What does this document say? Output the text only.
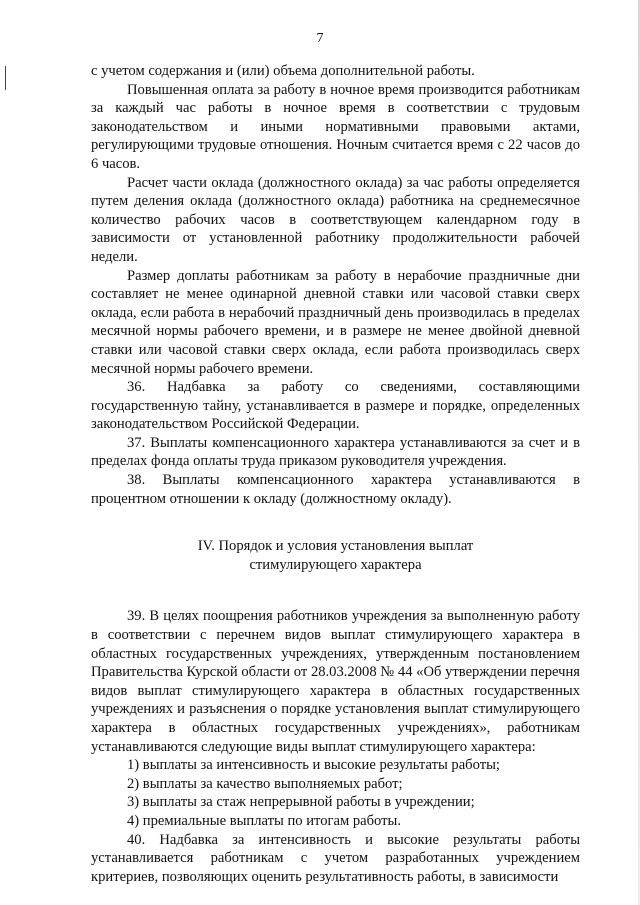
7

с учетом содержания и (или) объема дополнительной работы.

Повышенная оплата за работу в ночное время производится работникам за каждый час работы в ночное время в соответствии с трудовым законодательством и иными нормативными правовыми актами, регулирующими трудовые отношения. Ночным считается время с 22 часов до 6 часов.

Расчет части оклада (должностного оклада) за час работы определяется путем деления оклада (должностного оклада) работника на среднемесячное количество рабочих часов в соответствующем календарном году в зависимости от установленной работнику продолжительности рабочей недели.

Размер доплаты работникам за работу в нерабочие праздничные дни составляет не менее одинарной дневной ставки или часовой ставки сверх оклада, если работа в нерабочий праздничный день производилась в пределах месячной нормы рабочего времени, и в размере не менее двойной дневной ставки или часовой ставки сверх оклада, если работа производилась сверх месячной нормы рабочего времени.

36. Надбавка за работу со сведениями, составляющими государственную тайну, устанавливается в размере и порядке, определенных законодательством Российской Федерации.

37. Выплаты компенсационного характера устанавливаются за счет и в пределах фонда оплаты труда приказом руководителя учреждения.

38. Выплаты компенсационного характера устанавливаются в процентном отношении к окладу (должностному окладу).

IV. Порядок и условия установления выплат
стимулирующего характера

39. В целях поощрения работников учреждения за выполненную работу в соответствии с перечнем видов выплат стимулирующего характера в областных государственных учреждениях, утвержденным постановлением Правительства Курской области от 28.03.2008 № 44 «Об утверждении перечня видов выплат стимулирующего характера в областных государственных учреждениях и разъяснения о порядке установления выплат стимулирующего характера в областных государственных учреждениях», работникам устанавливаются следующие виды выплат стимулирующего характера:

1) выплаты за интенсивность и высокие результаты работы;

2) выплаты за качество выполняемых работ;

3) выплаты за стаж непрерывной работы в учреждении;

4) премиальные выплаты по итогам работы.

40. Надбавка за интенсивность и высокие результаты работы устанавливается работникам с учетом разработанных учреждением критериев, позволяющих оценить результативность работы, в зависимости
